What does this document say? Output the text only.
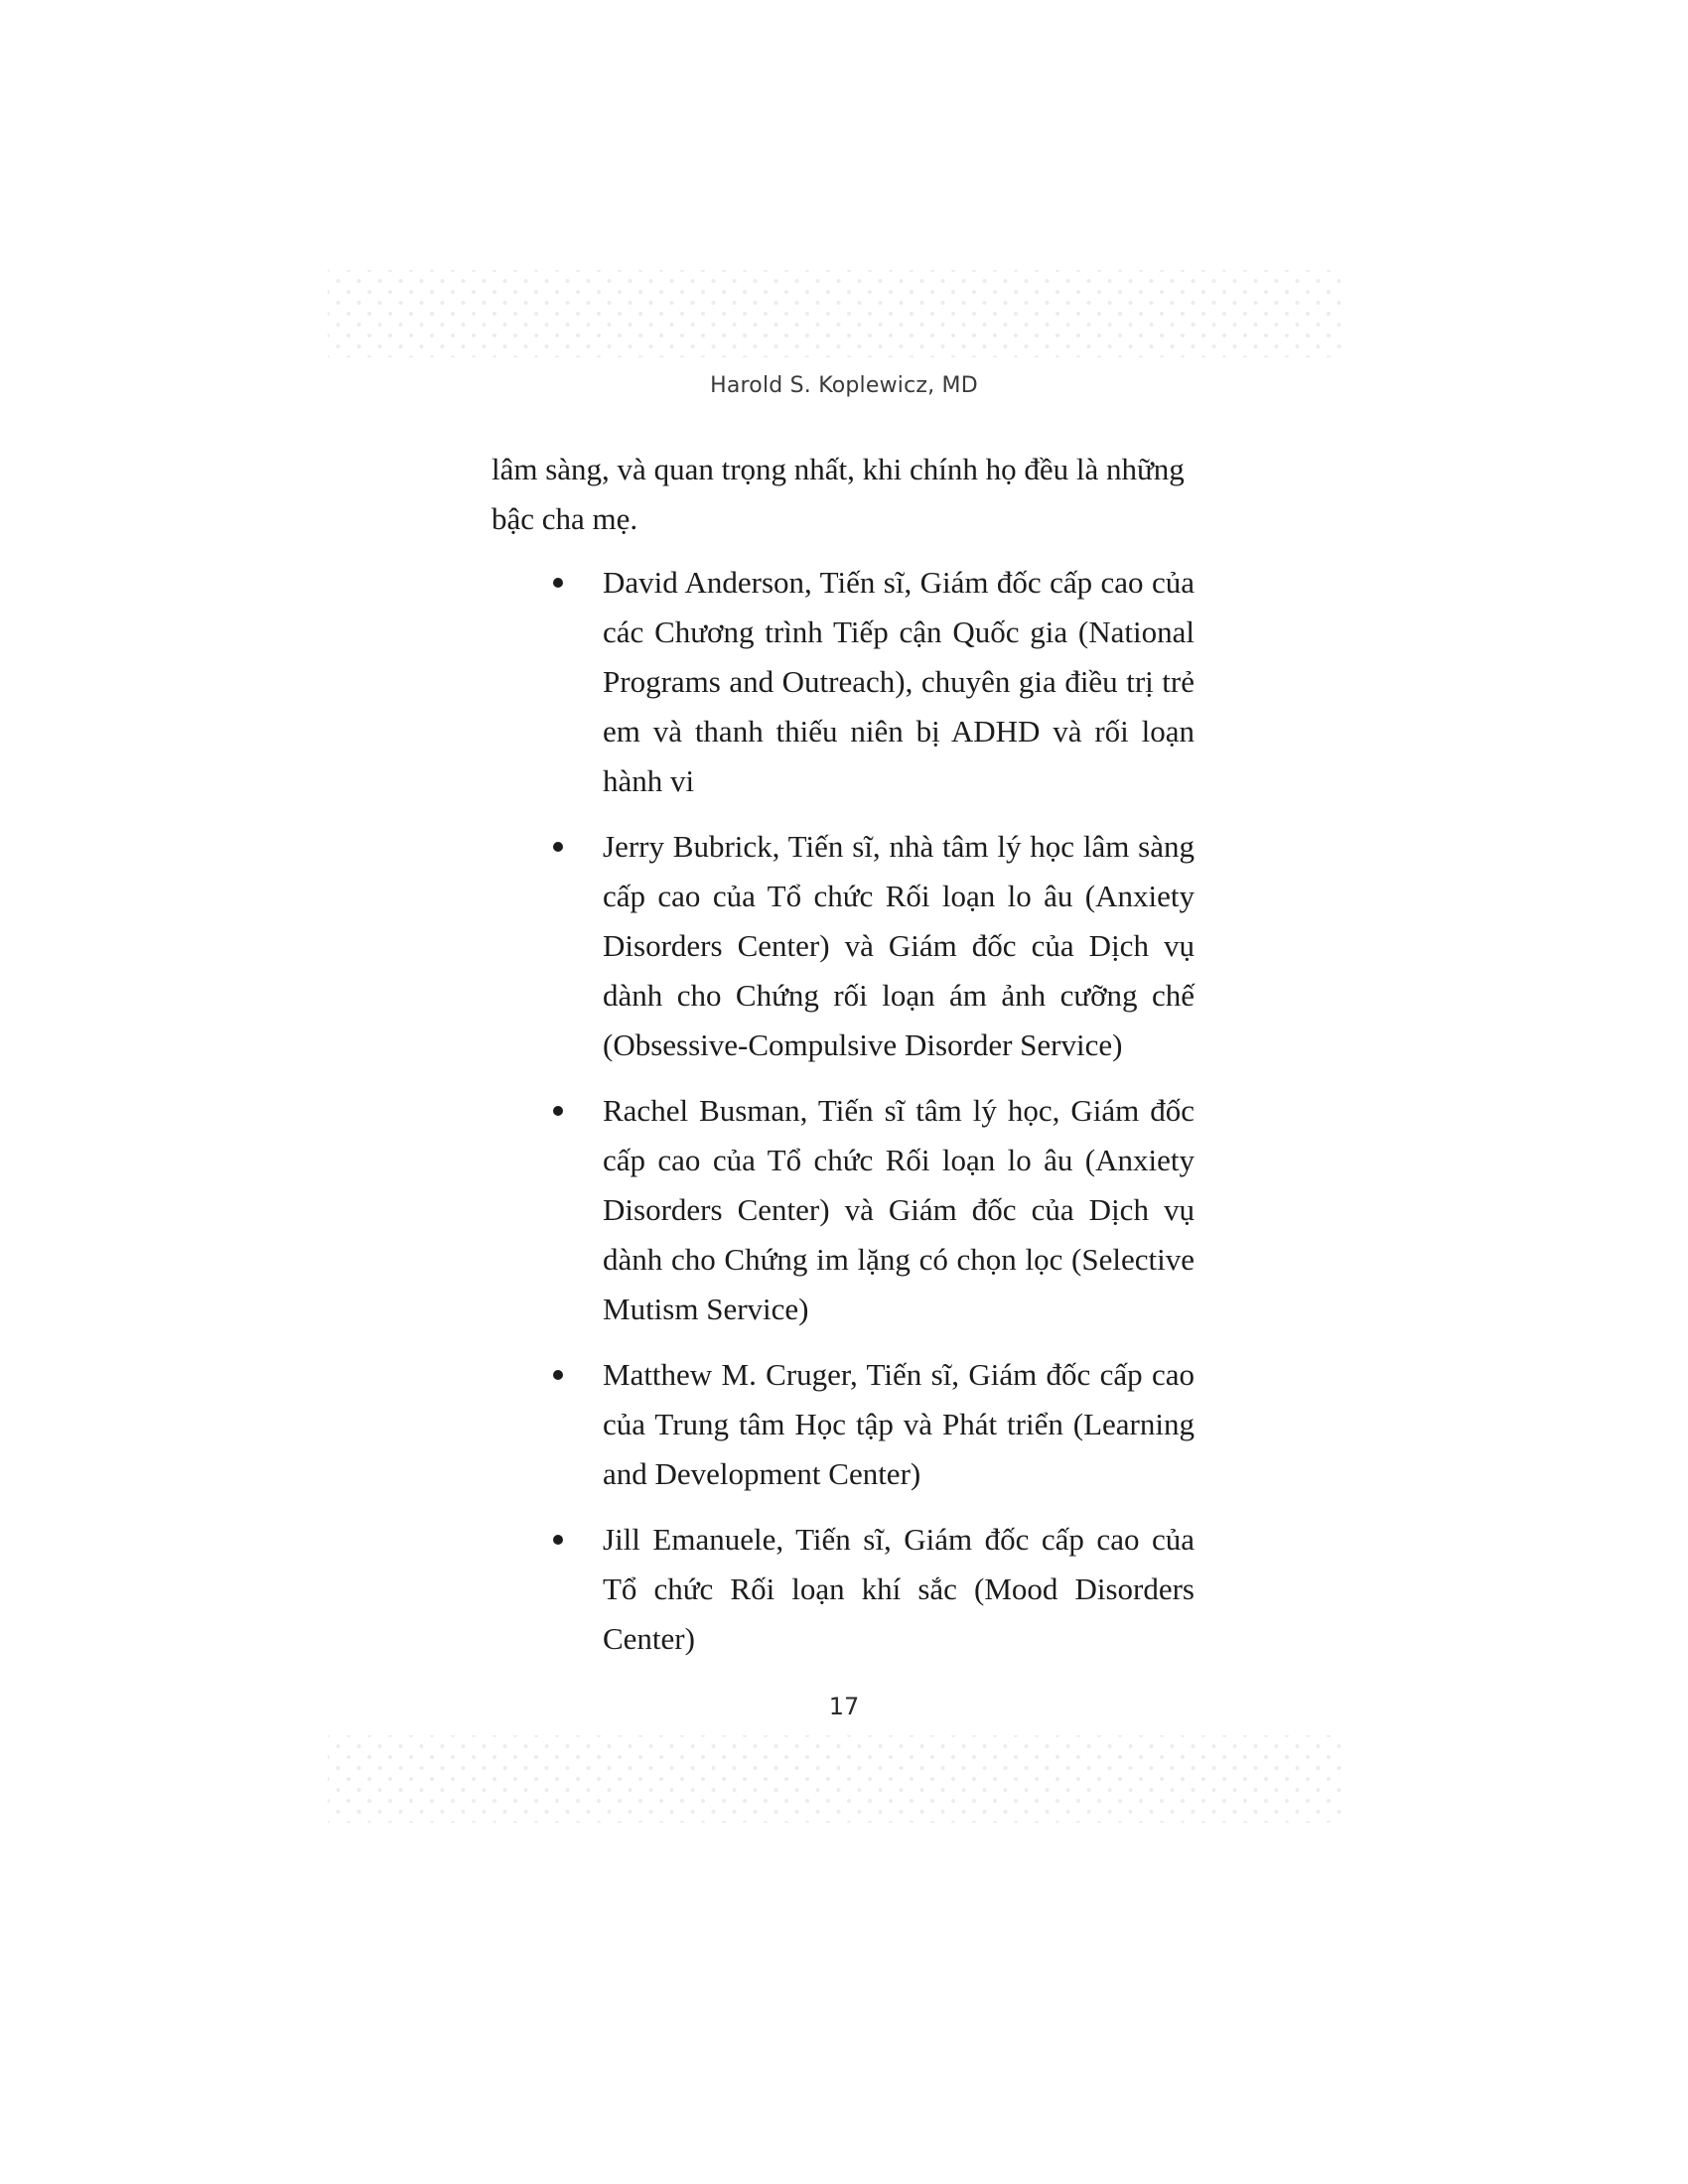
Harold S. Koplewicz, MD

lâm sàng, và quan trọng nhất, khi chính họ đều là những bậc cha mẹ.

David Anderson, Tiến sĩ, Giám đốc cấp cao của các Chương trình Tiếp cận Quốc gia (National Programs and Outreach), chuyên gia điều trị trẻ em và thanh thiếu niên bị ADHD và rối loạn hành vi
Jerry Bubrick, Tiến sĩ, nhà tâm lý học lâm sàng cấp cao của Tổ chức Rối loạn lo âu (Anxiety Disorders Center) và Giám đốc của Dịch vụ dành cho Chứng rối loạn ám ảnh cưỡng chế (Obsessive-Compulsive Disorder Service)
Rachel Busman, Tiến sĩ tâm lý học, Giám đốc cấp cao của Tổ chức Rối loạn lo âu (Anxiety Disorders Center) và Giám đốc của Dịch vụ dành cho Chứng im lặng có chọn lọc (Selective Mutism Service)
Matthew M. Cruger, Tiến sĩ, Giám đốc cấp cao của Trung tâm Học tập và Phát triển (Learning and Development Center)
Jill Emanuele, Tiến sĩ, Giám đốc cấp cao của Tổ chức Rối loạn khí sắc (Mood Disorders Center)
17
